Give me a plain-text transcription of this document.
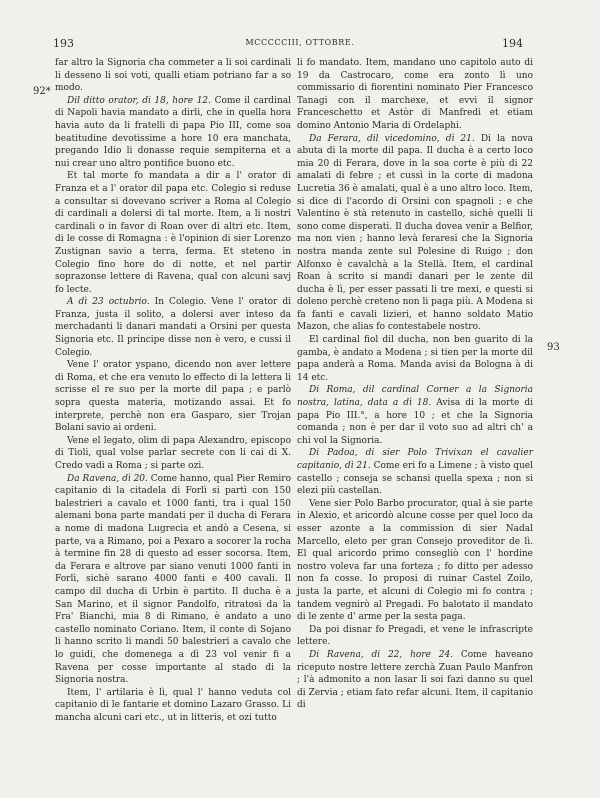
193	MCCCCCIII, OTTOBRE.	194
92*
93

far altro la Signoria cha commeter a li soi cardinali li desseno li soi voti, qualli etiam potriano far a so modo.

Dil ditto orator, di 18, hore 12. Come il cardinal di Napoli havia mandato a dirli, che in quella hora havia auto da li fratelli di papa Pio III, come soa beatitudine devotissime a hore 10 era manchata, pregando Idio li donasse requie sempiterna et a nui crear uno altro pontifice buono etc.

Et tal morte fo mandata a dir a l' orator di Franza et a l' orator dil papa etc. Colegio si reduse a consultar si dovevano scriver a Roma al Colegio di cardinali a dolersi di tal morte. Item, a li nostri cardinali o in favor di Roan over di altri etc. Item, di le cosse di Romagna : è l'opinion di sier Lorenzo Zustignan savio a terra, ferma. Et steteno in Colegio fino hore do di notte, et nel partir soprazonse lettere di Ravena, qual con alcuni savj fo lecte.

A dì 23 octubrio. In Colegio. Vene l' orator di Franza, justa il solito, a dolersi aver inteso da merchadanti li danari mandati a Orsini per questa Signoria etc. Il principe disse non è vero, e cussi il Colegio.

Vene l' orator yspano, dicendo non aver lettere di Roma, et che era venuto lo effecto di la lettera li scrisse el re suo per la morte dil papa ; e parlò sopra questa materia, motizando assai. Et fo interprete, perchè non era Gasparo, sier Trojan Bolani savio ai ordeni.

Vene el legato, olim di papa Alexandro, episcopo di Tioli, qual volse parlar secrete con li cai di X. Credo vadi a Roma ; si parte ozi.

Da Ravena, dì 20. Come hanno, qual Pier Remiro capitanio di la citadela di Forlì si partì con 150 balestrieri a cavalo et 1000 fanti, tra i qual 150 alemani bona parte mandati per il ducha di Ferara a nome di madona Lugrecia et andò a Cesena, si parte, va a Rimano, poi a Pexaro a socorer la rocha à termine fin 28 di questo ad esser socorsa. Item, da Ferara e altrove par siano venuti 1000 fanti in Forlì, sichè sarano 4000 fanti e 400 cavali. Il campo dil ducha di Urbin è partito. Il ducha è a San Marino, et il signor Pandolfo, ritratosi da la Fra' Bianchi, mia 8 di Rimano, è andato a uno castello nominato Coriano. Item, il conte di Sojano li hanno scrito li mandi 50 balestrieri a cavalo che lo guidi, che domenega a dì 23 vol venir fi a Ravena per cosse importante al stado di la Signoria nostra.

Item, l' artilaria è lì, qual l' hanno veduta col capitanio di le fantarie et domino Lazaro Grasso. Li mancha alcuni cari etc., ut in litteris, et ozi tutto

li fo mandato. Item, mandano uno capitolo auto di 19 da Castrocaro, come era zonto lì uno commissario di fiorentini nominato Pier Francesco Tanagi con il marchexe, et evvi il signor Franceschetto et Astòr di Manfredi et etiam domino Antonio Maria di Ordelaphi.

Da Ferara, dil vicedomino, dì 21. Di la nova abuta di la morte dil papa. Il ducha è a certo loco mia 20 di Ferara, dove in la soa corte è più di 22 amalati di febre ; et cussì in la corte di madona Lucretia 36 è amalati, qual è a uno altro loco. Item, si dice di l'acordo di Orsini con spagnoli ; e che Valentino è stà retenuto in castello, sichè quelli li sono come disperati. Il ducha dovea venir a Belfior, ma non vien ; hanno levà feraresi che la Signoria nostra manda zente sul Polesine di Ruigo ; don Alfonxo è cavalchà a la Stellà. Item, el cardinal Roan à scrito si mandi danari per le zente dil ducha è lì, per esser passati li tre mexi, e questi si doleno perchè creteno non li paga più. A Modena si fa fanti e cavali lizieri, et hanno soldato Matio Mazon, che alias fo contestabele nostro.

El cardinal fiol dil ducha, non ben guarito di la gamba, è andato a Modena ; si tien per la morte dil papa anderà a Roma. Manda avisi da Bologna à di 14 etc.

Di Roma, dil cardinal Corner a la Signoria nostra, latina, data a dì 18. Avisa di la morte di papa Pio III.°, a hore 10 ; et che la Signoria comanda ; non è per dar il voto suo ad altri ch' a chi vol la Signoria.

Di Padoa, di sier Polo Trivixan el cavalier capitanio, dì 21. Come eri fo a Limene ; à visto quel castello ; conseja se schansi quella spexa ; non si elezi più castellan.

Vene sier Polo Barbo procurator, qual à sie parte in Alexio, et aricordò alcune cosse per quel loco da esser azonte a la commission di sier Nadal Marcello, eleto per gran Consejo proveditor de lì. El qual aricordo primo consegliò con l' hordine nostro voleva far una forteza ; fo ditto per adesso non fa cosse. Io proposi di ruinar Castel Zoilo, justa la parte, et alcuni di Colegio mi fo contra ; tandem vegnirò al Pregadi. Fo balotato il mandato di le zente d' arme per la sesta paga.

Da poi disnar fo Pregadi, et vene le infrascripte lettere.

Di Ravena, di 22, hore 24. Come haveano riceputo nostre lettere zerchà Zuan Paulo Manfron ; l'à admonito a non lasar li soi fazi danno su quel di Zervia ; etiam fato refar alcuni. Item, il capitanio di
